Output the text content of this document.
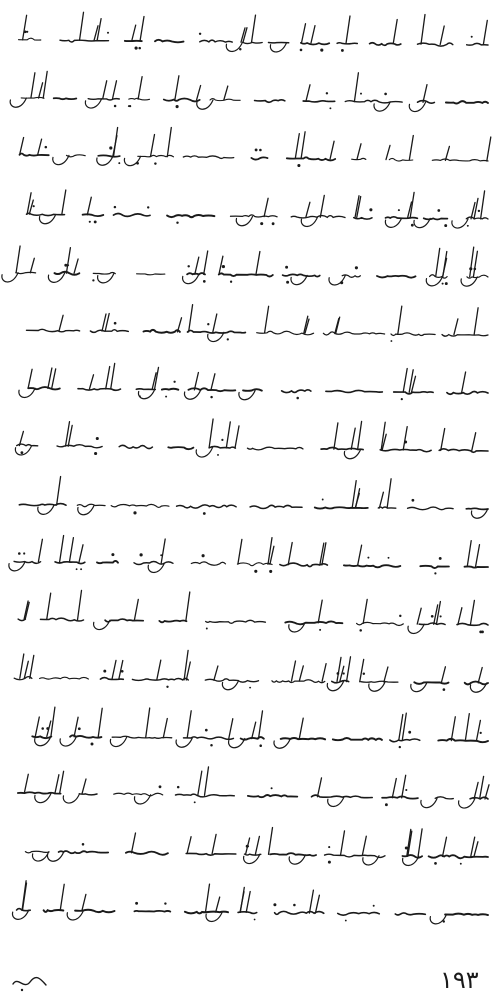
۱۹۳
